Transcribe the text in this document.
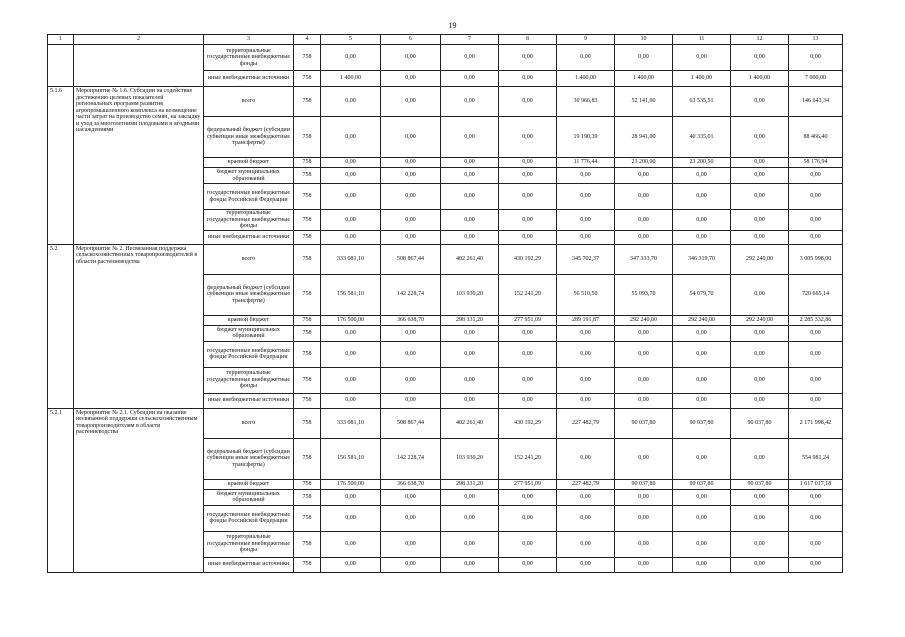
19
1	2	3	4	5	6	7	8	9	10	11	12	13
		территориальные государственные внебюджетные фонды	758	0,00	0,00	0,00	0,00	0,00	0,00	0,00	0,00	0,00
		иные внебюджетные источники	758	1 400,00	0,00	0,00	0,00	1 400,00	1 400,00	1 400,00	1 400,00	7 000,00
5.1.6	Мероприятие № 1.6. Субсидии на содействие достижению целевых показателей региональных программ развития агропромышленного комплекса на возмещение части затрат на производство семян, на закладку и уход за многолетними плодовыми и ягодными насаждениями	всего	758	0,00	0,00	0,00	0,00	30 966,83	52 141,00	63 535,51	0,00	146 643,34
		федеральный бюджет (субсидии субвенции иные межбюджетные трансферты)	758	0,00	0,00	0,00	0,00	19 190,39	28 941,00	40 335,01	0,00	88 466,40
		краевой бюджет	758	0,00	0,00	0,00	0,00	11 776,44	23 200,00	23 200,50	0,00	58 176,94
		бюджет муниципальных образований	758	0,00	0,00	0,00	0,00	0,00	0,00	0,00	0,00	0,00
		государственные внебюджетные фонды Российской Федерации	758	0,00	0,00	0,00	0,00	0,00	0,00	0,00	0,00	0,00
		территориальные государственные внебюджетные фонды	758	0,00	0,00	0,00	0,00	0,00	0,00	0,00	0,00	0,00
		иные внебюджетные источники	758	0,00	0,00	0,00	0,00	0,00	0,00	0,00	0,00	0,00
5.2	Мероприятие № 2. Несвязанная поддержка сельскохозяйственных товаропроизводителей в области растениеводства	всего	758	333 081,10	508 867,44	402 261,40	430 192,29	345 702,37	347 333,70	346 319,70	292 240,00	3 005 998,00
		федеральный бюджет (субсидии субвенции иные межбюджетные трансферты)	758	156 581,10	142 228,74	103 930,20	152 241,20	56 510,50	55 093,70	54 079,70	0,00	720 665,14
		краевой бюджет	758	176 500,00	366 638,70	298 331,20	277 951,09	289 191,87	292 240,00	292 240,00	292 240,00	2 285 332,86
		бюджет муниципальных образований	758	0,00	0,00	0,00	0,00	0,00	0,00	0,00	0,00	0,00
		государственные внебюджетные фонды Российской Федерации	758	0,00	0,00	0,00	0,00	0,00	0,00	0,00	0,00	0,00
		территориальные государственные внебюджетные фонды	758	0,00	0,00	0,00	0,00	0,00	0,00	0,00	0,00	0,00
		иные внебюджетные источники	758	0,00	0,00	0,00	0,00	0,00	0,00	0,00	0,00	0,00
5.2.1	Мероприятие № 2.1. Субсидии на оказание несвязанной поддержки сельскохозяйственным товаропроизводителям в области растениеводства	всего	758	333 081,10	508 867,44	402 261,40	430 192,29	227 482,79	90 037,80	90 037,80	90 037,80	2 171 998,42
		федеральный бюджет (субсидии субвенции иные межбюджетные трансферты)	758	156 581,10	142 228,74	103 930,20	152 241,20	0,00	0,00	0,00	0,00	554 981,24
		краевой бюджет	758	176 500,00	366 638,70	298 331,20	277 951,09	227 482,79	90 037,80	90 037,80	90 037,80	1 617 017,18
		бюджет муниципальных образований	758	0,00	0,00	0,00	0,00	0,00	0,00	0,00	0,00	0,00
		государственные внебюджетные фонды Российской Федерации	758	0,00	0,00	0,00	0,00	0,00	0,00	0,00	0,00	0,00
		территориальные государственные внебюджетные фонды	758	0,00	0,00	0,00	0,00	0,00	0,00	0,00	0,00	0,00
		иные внебюджетные источники	758	0,00	0,00	0,00	0,00	0,00	0,00	0,00	0,00	0,00
